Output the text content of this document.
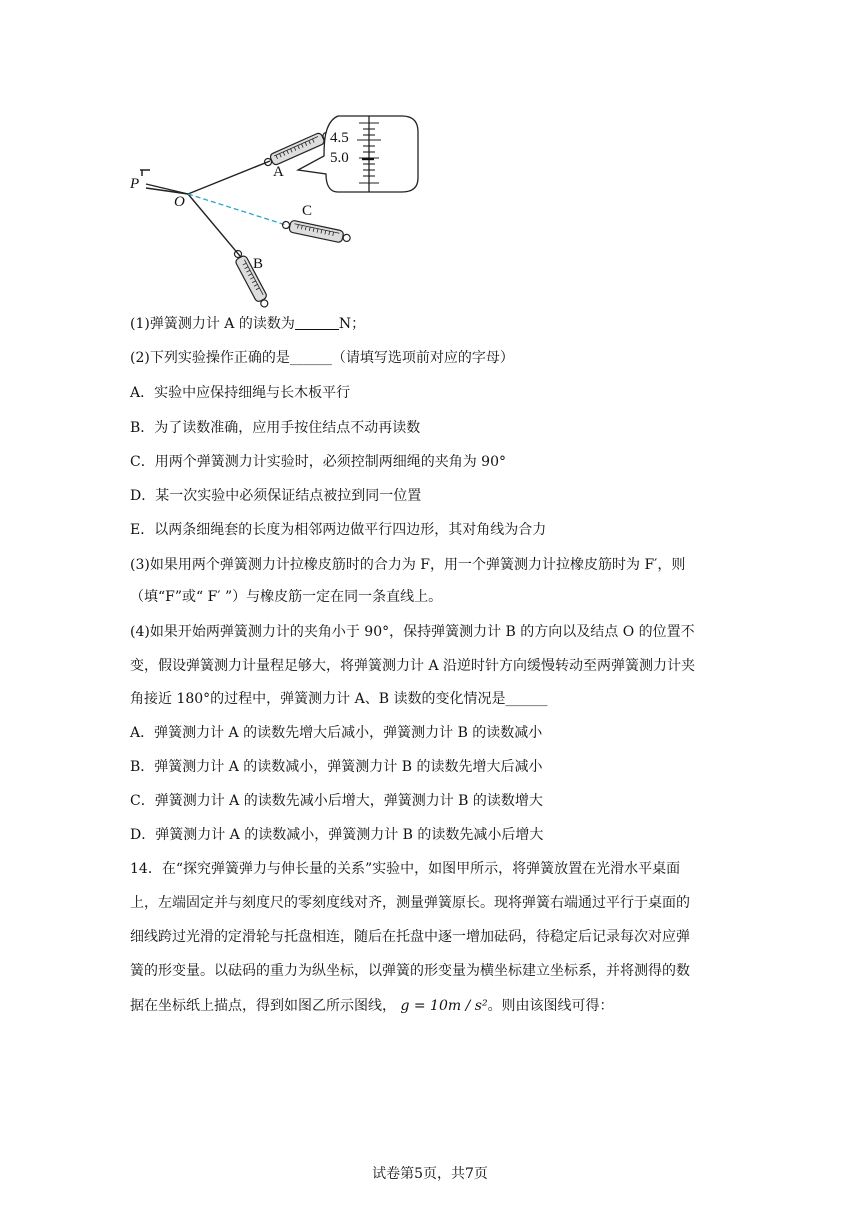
P
O
A
C
B
4.5
5.0
(1)弹簧测力计 A 的读数为	N；
(2)下列实验操作正确的是______（请填写选项前对应的字母）
A．实验中应保持细绳与长木板平行
B．为了读数准确，应用手按住结点不动再读数
C．用两个弹簧测力计实验时，必须控制两细绳的夹角为 90°
D．某一次实验中必须保证结点被拉到同一位置
E．以两条细绳套的长度为相邻两边做平行四边形，其对角线为合力
(3)如果用两个弹簧测力计拉橡皮筋时的合力为 F，用一个弹簧测力计拉橡皮筋时为 F′，则
（填“F”或“ F′ ”）与橡皮筋一定在同一条直线上。
(4)如果开始两弹簧测力计的夹角小于 90°，保持弹簧测力计 B 的方向以及结点 O 的位置不
变，假设弹簧测力计量程足够大，将弹簧测力计 A 沿逆时针方向缓慢转动至两弹簧测力计夹
角接近 180°的过程中，弹簧测力计 A、B 读数的变化情况是______
A．弹簧测力计 A 的读数先增大后减小，弹簧测力计 B 的读数减小
B．弹簧测力计 A 的读数减小，弹簧测力计 B 的读数先增大后减小
C．弹簧测力计 A 的读数先减小后增大，弹簧测力计 B 的读数增大
D．弹簧测力计 A 的读数减小，弹簧测力计 B 的读数先减小后增大
14．在“探究弹簧弹力与伸长量的关系”实验中，如图甲所示，将弹簧放置在光滑水平桌面
上，左端固定并与刻度尺的零刻度线对齐，测量弹簧原长。现将弹簧右端通过平行于桌面的
细线跨过光滑的定滑轮与托盘相连，随后在托盘中逐一增加砝码，待稳定后记录每次对应弹
簧的形变量。以砝码的重力为纵坐标，以弹簧的形变量为横坐标建立坐标系，并将测得的数
据在坐标纸上描点，得到如图乙所示图线， g = 10m / s²。则由该图线可得：
试卷第5页，共7页
